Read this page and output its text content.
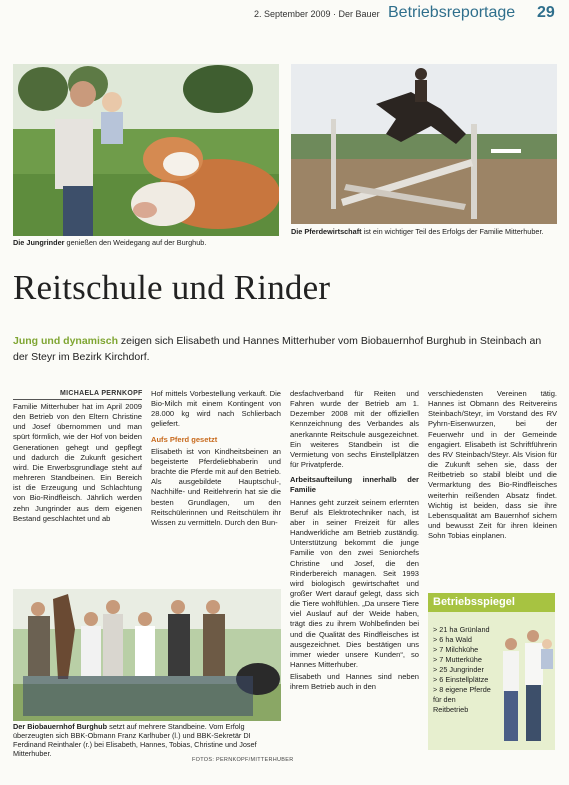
2. September 2009 · Der Bauer Betriebsreportage 29
Die Jungrinder genießen den Weidegang auf der Burghub.
Die Pferdewirtschaft ist ein wichtiger Teil des Erfolgs der Familie Mitterhuber.
Reitschule und Rinder
Jung und dynamisch zeigen sich Elisabeth und Hannes Mitterhuber vom Biobauernhof Burghub in Steinbach an der Steyr im Bezirk Kirchdorf.
MICHAELA PERNKOPF

Familie Mitterhuber hat im April 2009 den Betrieb von den Eltern Christine und Josef übernommen und man spürt förmlich, wie der Hof von beiden Generationen gehegt und gepflegt und dadurch die Zukunft gesichert wird. Die Erwerbsgrundlage steht auf mehreren Standbeinen. Ein Bereich ist die Erzeugung und Schlachtung von Bio-Rindfleisch. Jährlich werden zehn Jungrinder aus dem eigenen Bestand geschlachtet und ab

Hof mittels Vorbestellung verkauft. Die Bio-Milch mit einem Kontingent von 28.000 kg wird nach Schlierbach geliefert.

Aufs Pferd gesetzt

Elisabeth ist von Kindheitsbeinen an begeisterte Pferdeliebhaberin und brachte die Pferde mit auf den Betrieb. Als ausgebildete Hauptschul-, Nachhilfe- und Reitlehrerin hat sie die besten Grundlagen, um den Reitschülerinnen und Reitschülern ihr Wissen zu vermitteln. Durch den Bun-

desfachverband für Reiten und Fahren wurde der Betrieb am 1. Dezember 2008 mit der offiziellen Kennzeichnung des Verbandes als anerkannte Reitschule ausgezeichnet. Ein weiteres Standbein ist die Vermietung von sechs Einstellplätzen für Privatpferde.

Arbeitsaufteilung innerhalb der Familie

Hannes geht zurzeit seinem erlernten Beruf als Elektrotechniker nach, ist aber in seiner Freizeit für alles Handwerkliche am Betrieb zuständig. Unterstützung bekommt die junge Familie von den zwei Seniorchefs Christine und Josef, die den Rinderbereich managen. Seit 1993 wird biologisch gewirtschaftet und großer Wert darauf gelegt, dass sich die Tiere wohlfühlen. „Da unsere Tiere viel Auslauf auf der Weide haben, trägt dies zu ihrem Wohlbefinden bei und die Qualität des Rindfleisches ist ausgezeichnet. Dies bestätigen uns immer wieder unsere Kunden“, so Hannes Mitterhuber.

Elisabeth und Hannes sind neben ihrem Betrieb auch in den

verschiedensten Vereinen tätig. Hannes ist Obmann des Reitvereins Steinbach/Steyr, im Vorstand des RV Pyhrn-Eisenwurzen, bei der Feuerwehr und in der Gemeinde engagiert. Elisabeth ist Schriftführerin des RV Steinbach/Steyr. Als Vision für die Zukunft sehen sie, dass der Reitbetrieb so stabil bleibt und die Vermarktung des Bio-Rindfleisches weiterhin reißenden Absatz findet. Wichtig ist beiden, dass sie ihre Lebensqualität am Bauernhof sichern und bewusst Zeit für ihren kleinen Sohn Tobias einplanen.

Der Biobauernhof Burghub setzt auf mehrere Standbeine. Vom Erfolg überzeugten sich BBK-Obmann Franz Karlhuber (l.) und BBK-Sekretär DI Ferdinand Reinthaler (r.) bei Elisabeth, Hannes, Tobias, Christine und Josef Mitterhuber.
FOTOS: PERNKOPF/MITTERHUBER
Betriebsspiegel
> 21 ha Grünland
> 6 ha Wald
> 7 Milchkühe
> 7 Mutterkühe
> 25 Jungrinder
> 6 Einstellplätze
> 8 eigene Pferde für den Reitbetrieb
